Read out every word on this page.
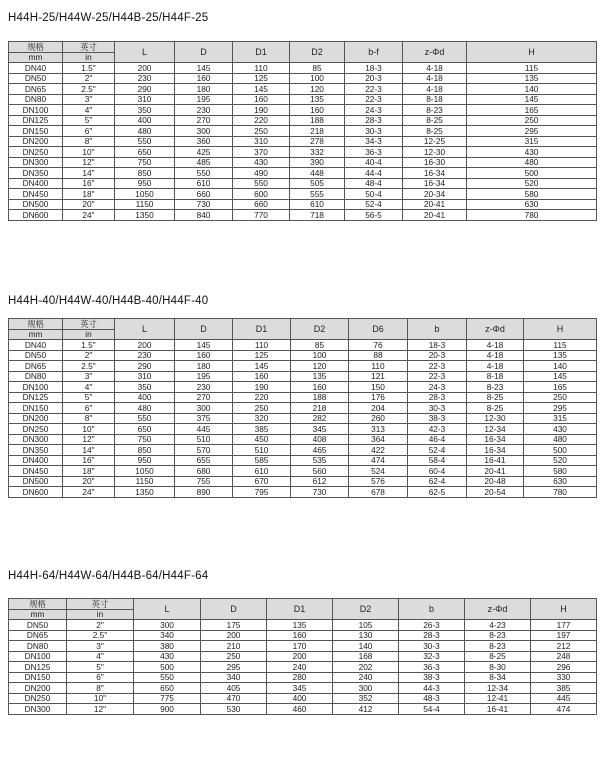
H44H-25/H44W-25/H44B-25/H44F-25
规格	英寸	L	D	D1	D2	b-f	z-Φd	H
mm	in							
DN40	1.5"	200	145	110	85	18-3	4-18	115
DN50	2"	230	160	125	100	20-3	4-18	135
DN65	2.5"	290	180	145	120	22-3	4-18	140
DN80	3"	310	195	160	135	22-3	8-18	145
DN100	4"	350	230	190	160	24-3	8-23	165
DN125	5"	400	270	220	188	28-3	8-25	250
DN150	6"	480	300	250	218	30-3	8-25	295
DN200	8"	550	360	310	278	34-3	12-25	315
DN250	10"	650	425	370	332	36-3	12-30	430
DN300	12"	750	485	430	390	40-4	16-30	480
DN350	14"	850	550	490	448	44-4	16-34	500
DN400	16"	950	610	550	505	48-4	16-34	520
DN450	18"	1050	660	600	555	50-4	20-34	580
DN500	20"	1150	730	660	610	52-4	20-41	630
DN600	24"	1350	840	770	718	56-5	20-41	780
H44H-40/H44W-40/H44B-40/H44F-40
规格	英寸	L	D	D1	D2	D6	b	z-Φd	H
mm	in								
DN40	1.5"	200	145	110	85	76	18-3	4-18	115
DN50	2"	230	160	125	100	88	20-3	4-18	135
DN65	2.5"	290	180	145	120	110	22-3	4-18	140
DN80	3"	310	195	160	135	121	22-3	8-18	145
DN100	4"	350	230	190	160	150	24-3	8-23	165
DN125	5"	400	270	220	188	176	28-3	8-25	250
DN150	6"	480	300	250	218	204	30-3	8-25	295
DN200	8"	550	375	320	282	260	38-3	12-30	315
DN250	10"	650	445	385	345	313	42-3	12-34	430
DN300	12"	750	510	450	408	364	46-4	16-34	480
DN350	14"	850	570	510	465	422	52-4	16-34	500
DN400	16"	950	655	585	535	474	58-4	16-41	520
DN450	18"	1050	680	610	560	524	60-4	20-41	580
DN500	20"	1150	755	670	612	576	62-4	20-48	630
DN600	24"	1350	890	795	730	678	62-5	20-54	780
H44H-64/H44W-64/H44B-64/H44F-64
规格	英寸	L	D	D1	D2	b	z-Φd	H
mm	in							
DN50	2"	300	175	135	105	26-3	4-23	177
DN65	2.5"	340	200	160	130	28-3	8-23	197
DN80	3"	380	210	170	140	30-3	8-23	212
DN100	4"	430	250	200	168	32-3	8-25	248
DN125	5"	500	295	240	202	36-3	8-30	296
DN150	6"	550	340	280	240	38-3	8-34	330
DN200	8"	650	405	345	300	44-3	12-34	385
DN250	10"	775	470	400	352	48-3	12-41	445
DN300	12"	900	530	460	412	54-4	16-41	474
